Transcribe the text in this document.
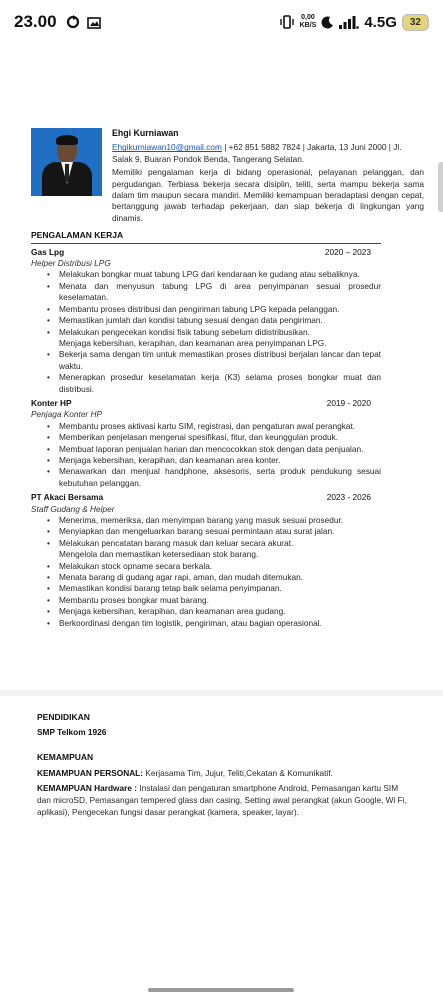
23.00	0,00
KB/S	4.5G	32
Ehgi Kurniawan
Ehgikurniawan10@gmail.com | +62 851 5882 7824 | Jakarta, 13 Juni 2000 | Jl. Salak 9, Buaran Pondok Benda, Tangerang Selatan.
Memiliki pengalaman kerja di bidang operasional, pelayanan pelanggan, dan pergudangan. Terbiasa bekerja secara disiplin, teliti, serta mampu bekerja sama dalam tim maupun secara mandiri. Memiliki kemampuan beradaptasi dengan cepat, bertanggung jawab terhadap pekerjaan, dan siap bekerja di lingkungan yang dinamis.
PENGALAMAN KERJA
Gas Lpg	2020 – 2023
Helper Distribusi LPG
• Melakukan bongkar muat tabung LPG dari kendaraan ke gudang atau sebaliknya.
• Menata dan menyusun tabung LPG di area penyimpanan sesuai prosedur keselamatan.
• Membantu proses distribusi dan pengiriman tabung LPG kepada pelanggan.
• Memastikan jumlah dan kondisi tabung sesuai dengan data pengiriman.
• Melakukan pengecekan kondisi fisik tabung sebelum didistribusikan.
Menjaga kebersihan, kerapihan, dan keamanan area penyimpanan LPG.
• Bekerja sama dengan tim untuk memastikan proses distribusi berjalan lancar dan tepat waktu.
• Menerapkan prosedur keselamatan kerja (K3) selama proses bongkar muat dan distribusi.
Konter HP	2019 - 2020
Penjaga Konter HP
• Membantu proses aktivasi kartu SIM, registrasi, dan pengaturan awal perangkat.
• Memberikan penjelasan mengenai spesifikasi, fitur, dan keunggulan produk.
• Membuat laporan penjualan harian dan mencocokkan stok dengan data penjualan.
• Menjaga kebersihan, kerapihan, dan keamanan area konter.
• Menawarkan dan menjual handphone, aksesoris, serta produk pendukung sesuai kebutuhan pelanggan.
PT Akaci Bersama	2023 - 2026
Staff Gudang & Helper
• Menerima, memeriksa, dan menyimpan barang yang masuk sesuai prosedur.
• Menyiapkan dan mengeluarkan barang sesuai permintaan atau surat jalan.
• Melakukan pencatatan barang masuk dan keluar secara akurat.
Mengelola dan memastikan ketersediaan stok barang.
• Melakukan stock opname secara berkala.
• Menata barang di gudang agar rapi, aman, dan mudah ditemukan.
• Memastikan kondisi barang tetap baik selama penyimpanan.
• Membantu proses bongkar muat barang.
• Menjaga kebersihan, kerapihan, dan keamanan area gudang.
• Berkoordinasi dengan tim logistik, pengiriman, atau bagian operasional.
PENDIDIKAN
SMP Telkom 1926
KEMAMPUAN
KEMAMPUAN PERSONAL: Kerjasama Tim, Jujur, Teliti,Cekatan & Komunikatif.
KEMAMPUAN Hardware : Instalasi dan pengaturan smartphone Android, Pemasangan kartu SIM dan microSD, Pemasangan tempered glass dan casing, Setting awal perangkat (akun Google, Wi Fi, aplikasi), Pengecekan fungsi dasar perangkat (kamera, speaker, layar).
